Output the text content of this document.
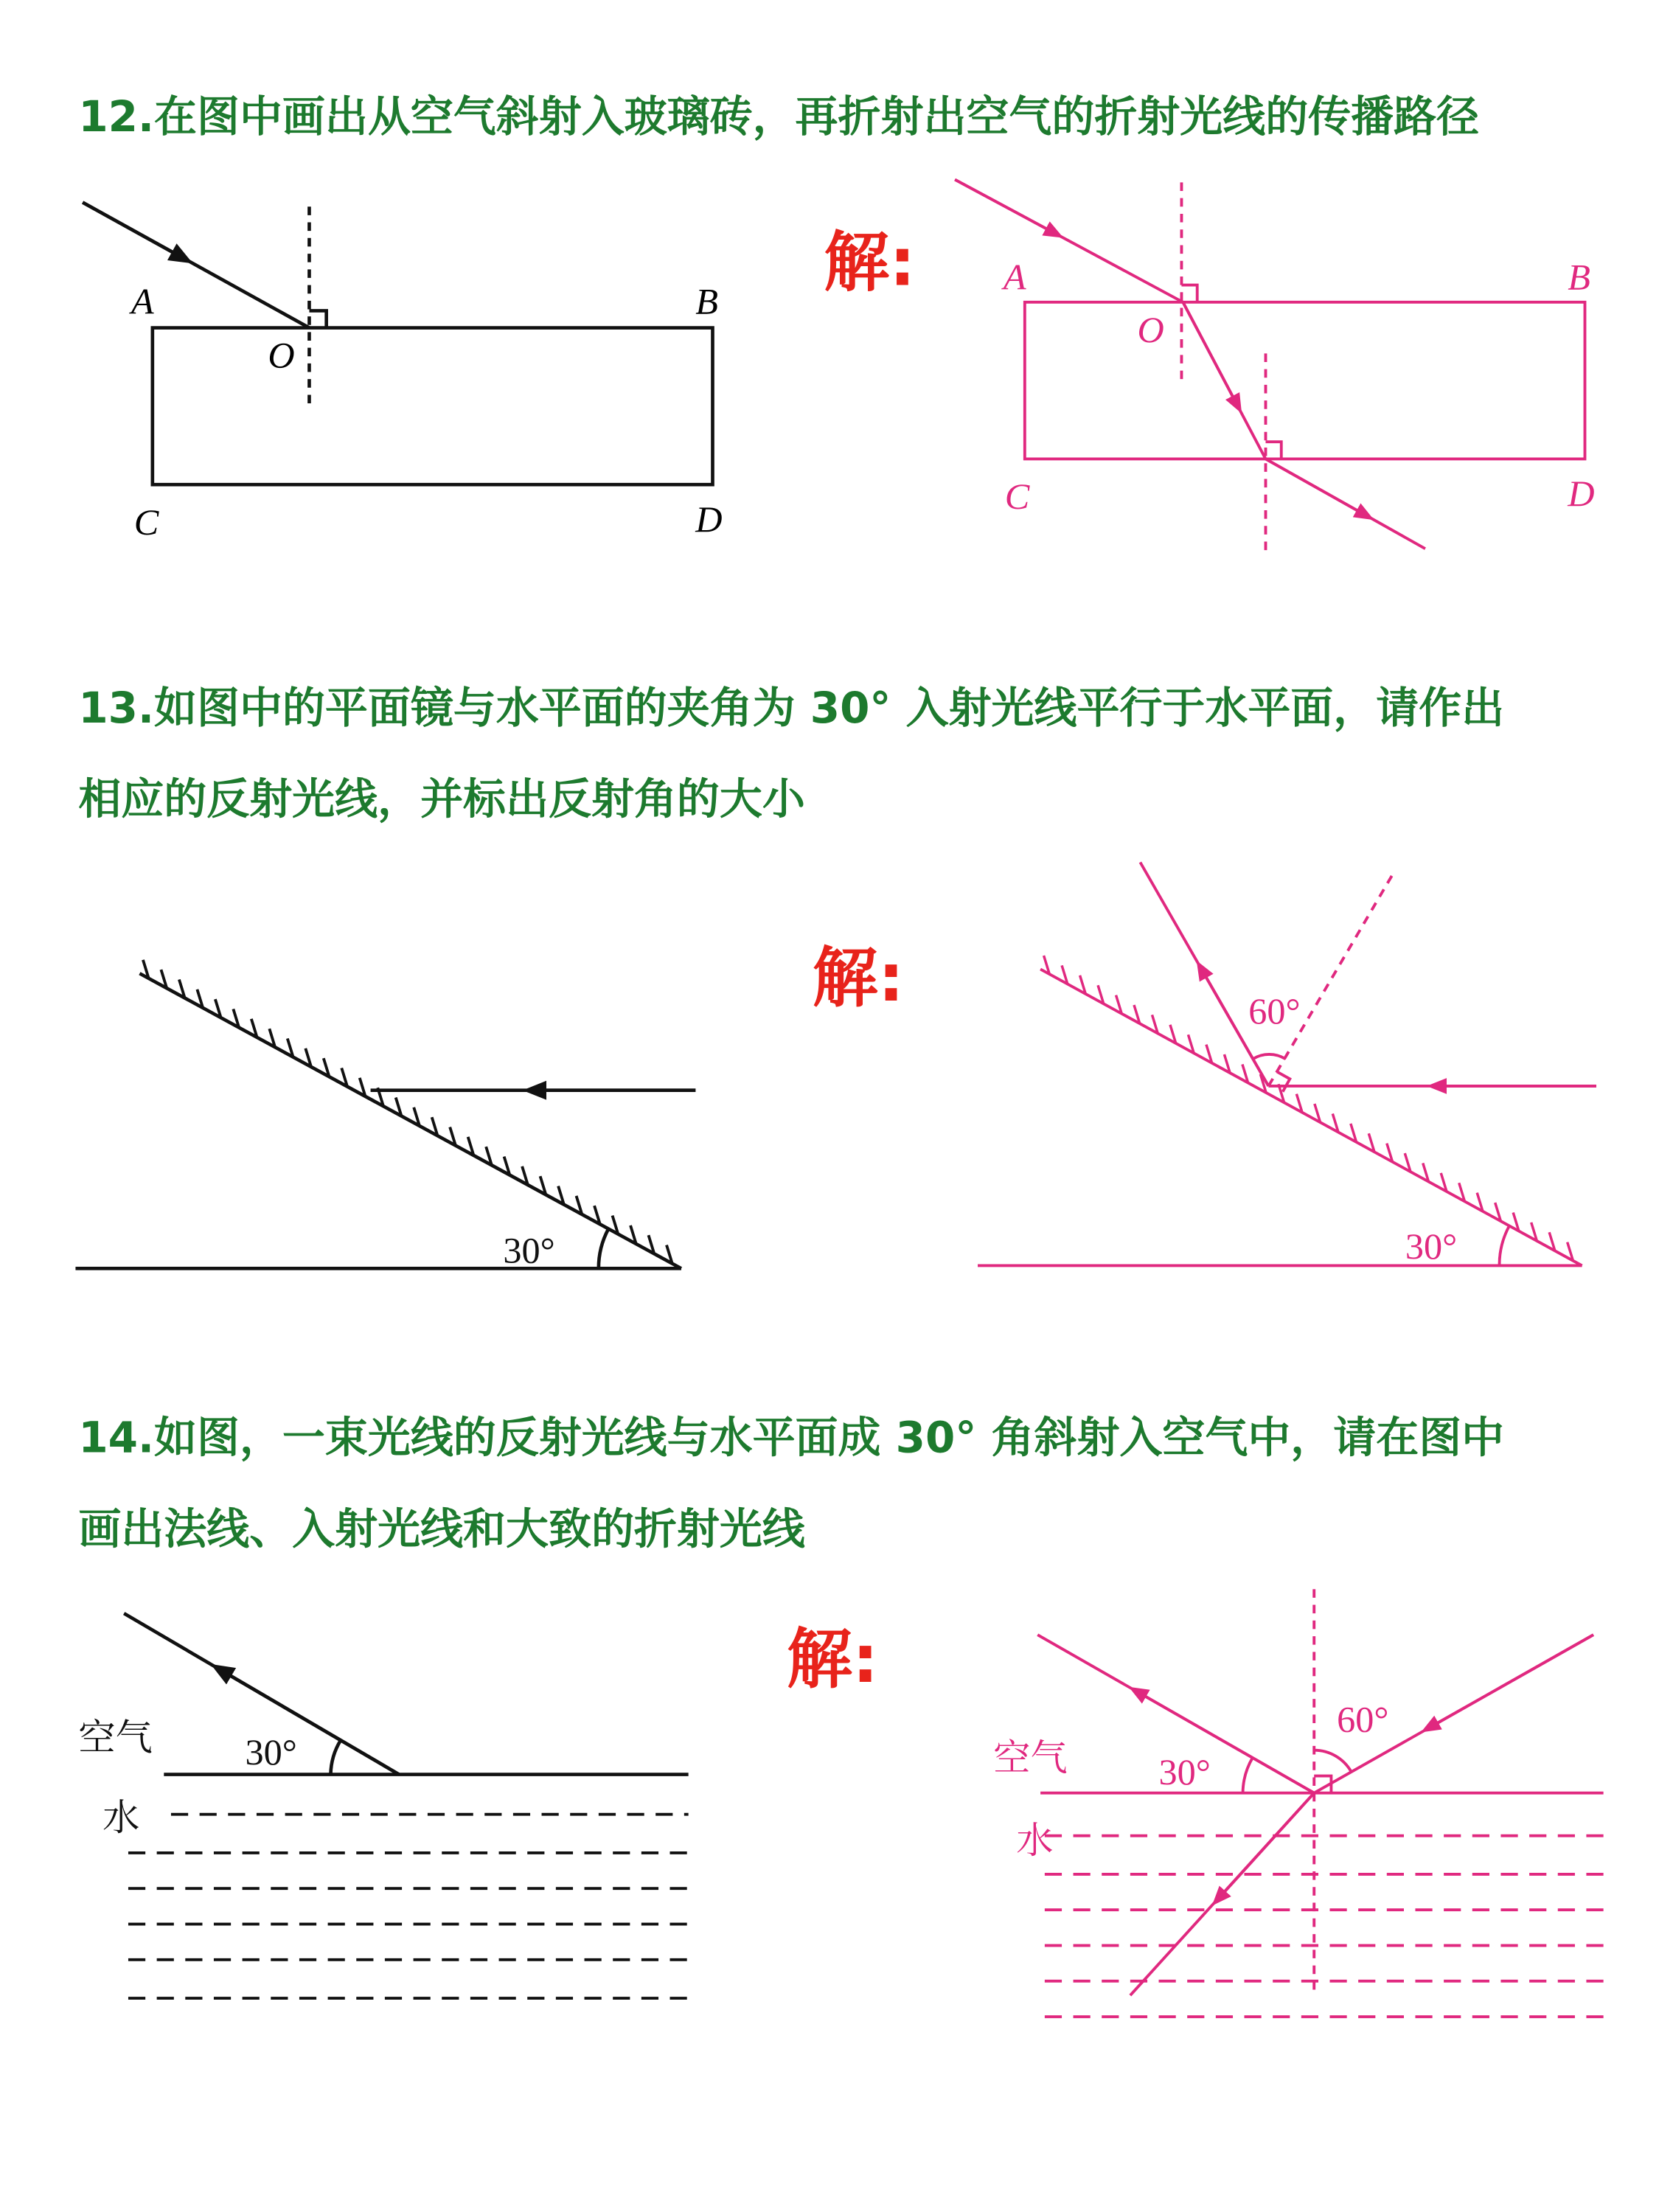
12.在图中画出从空气斜射入玻璃砖，再折射出空气的折射光线的传播路径
A	B
O
C	D
解:	A	B
O
C	D
13.如图中的平面镜与水平面的夹角为 30° 入射光线平行于水平面，请作出
相应的反射光线，并标出反射角的大小
30°
解:	60°
30°
14.如图，一束光线的反射光线与水平面成 30° 角斜射入空气中，请在图中
画出法线、入射光线和大致的折射光线
空气	30°
水
解:
空气	30°
60°
水
